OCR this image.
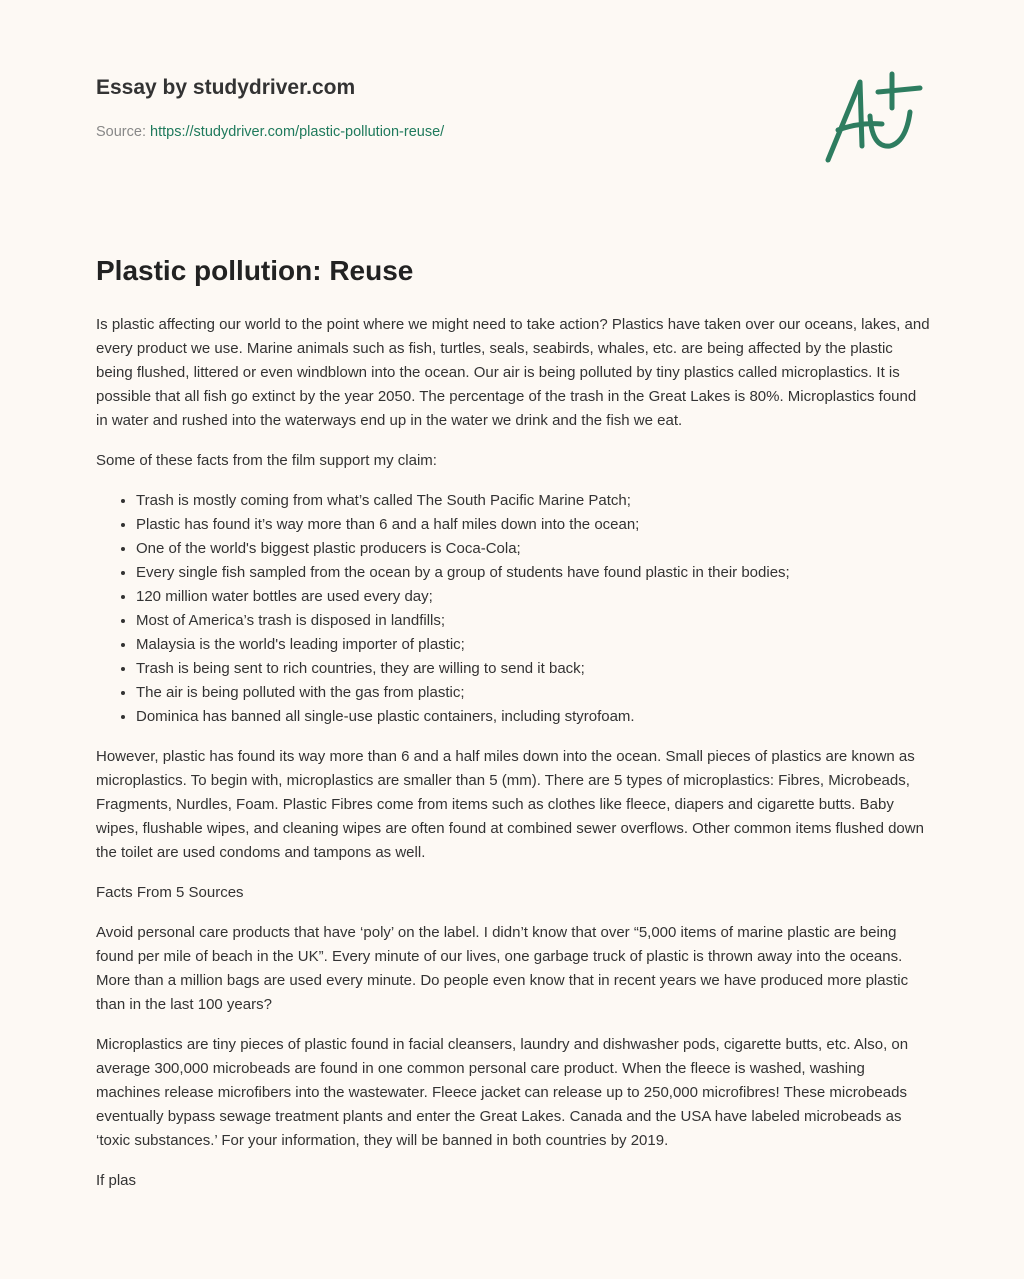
Essay by studydriver.com
Source: https://studydriver.com/plastic-pollution-reuse/
Plastic pollution: Reuse

Is plastic affecting our world to the point where we might need to take action? Plastics have taken over our oceans, lakes, and every product we use. Marine animals such as fish, turtles, seals, seabirds, whales, etc. are being affected by the plastic being flushed, littered or even windblown into the ocean. Our air is being polluted by tiny plastics called microplastics. It is possible that all fish go extinct by the year 2050. The percentage of the trash in the Great Lakes is 80%. Microplastics found in water and rushed into the waterways end up in the water we drink and the fish we eat.

Some of these facts from the film support my claim:

• Trash is mostly coming from what’s called The South Pacific Marine Patch;
• Plastic has found it’s way more than 6 and a half miles down into the ocean;
• One of the world's biggest plastic producers is Coca-Cola;
• Every single fish sampled from the ocean by a group of students have found plastic in their bodies;
• 120 million water bottles are used every day;
• Most of America’s trash is disposed in landfills;
• Malaysia is the world's leading importer of plastic;
• Trash is being sent to rich countries, they are willing to send it back;
• The air is being polluted with the gas from plastic;
• Dominica has banned all single-use plastic containers, including styrofoam.

However, plastic has found its way more than 6 and a half miles down into the ocean. Small pieces of plastics are known as microplastics. To begin with, microplastics are smaller than 5 (mm). There are 5 types of microplastics: Fibres, Microbeads, Fragments, Nurdles, Foam. Plastic Fibres come from items such as clothes like fleece, diapers and cigarette butts. Baby wipes, flushable wipes, and cleaning wipes are often found at combined sewer overflows. Other common items flushed down the toilet are used condoms and tampons as well.

Facts From 5 Sources

Avoid personal care products that have ‘poly’ on the label. I didn’t know that over “5,000 items of marine plastic are being found per mile of beach in the UK”. Every minute of our lives, one garbage truck of plastic is thrown away into the oceans. More than a million bags are used every minute. Do people even know that in recent years we have produced more plastic than in the last 100 years?

Microplastics are tiny pieces of plastic found in facial cleansers, laundry and dishwasher pods, cigarette butts, etc. Also, on average 300,000 microbeads are found in one common personal care product. When the fleece is washed, washing machines release microfibers into the wastewater. Fleece jacket can release up to 250,000 microfibres! These microbeads eventually bypass sewage treatment plants and enter the Great Lakes. Canada and the USA have labeled microbeads as ‘toxic substances.’ For your information, they will be banned in both countries by 2019.

If plas
